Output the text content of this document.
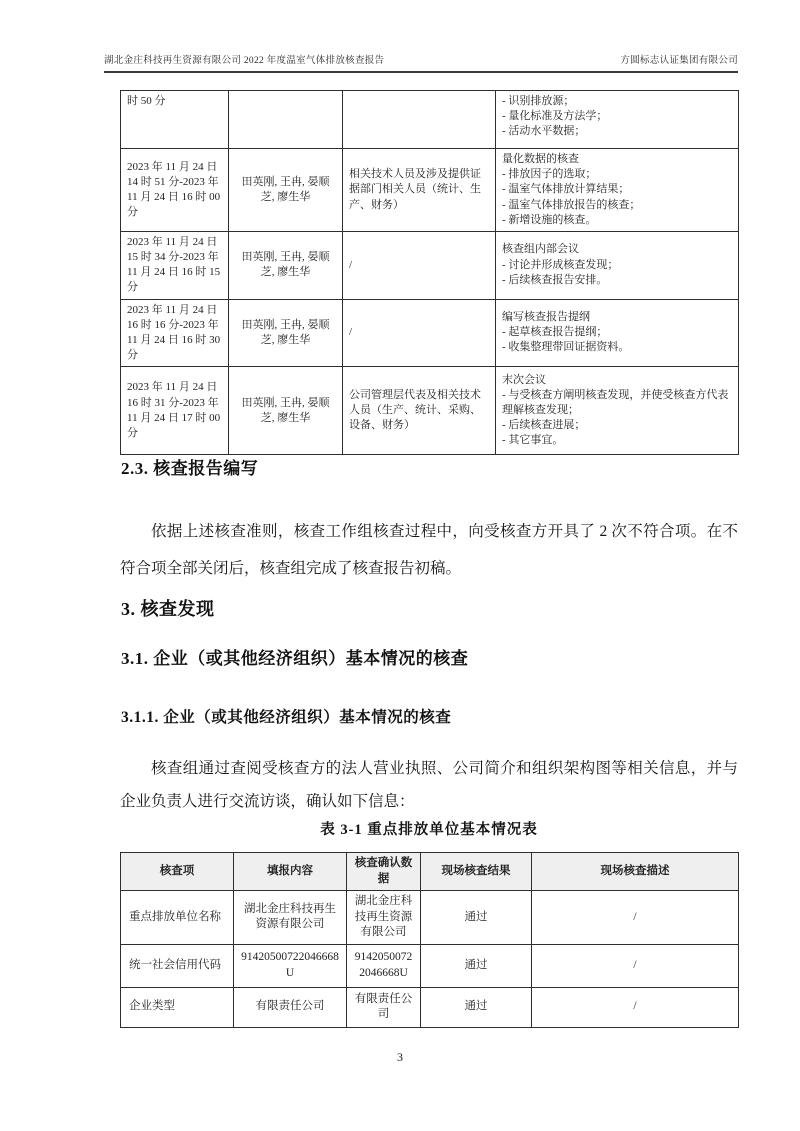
湖北金庄科技再生资源有限公司 2022 年度温室气体排放核查报告	方圆标志认证集团有限公司
时 50 分			- 识别排放源；
- 量化标准及方法学；
- 活动水平数据；

2023 年 11 月 24 日 14 时 51 分-2023 年 11 月 24 日 16 时 00 分	田英刚, 王冉, 晏顺芝, 廖生华	相关技术人员及涉及提供证据部门相关人员（统计、生产、财务）	量化数据的核查
- 排放因子的选取；
- 温室气体排放计算结果；
- 温室气体排放报告的核查；
- 新增设施的核查。

2023 年 11 月 24 日 15 时 34 分-2023 年 11 月 24 日 16 时 15 分	田英刚, 王冉, 晏顺芝, 廖生华	/	核查组内部会议
- 讨论并形成核查发现；
- 后续核查报告安排。

2023 年 11 月 24 日 16 时 16 分-2023 年 11 月 24 日 16 时 30 分	田英刚, 王冉, 晏顺芝, 廖生华	/	编写核查报告提纲
- 起草核查报告提纲；
- 收集整理带回证据资料。

2023 年 11 月 24 日 16 时 31 分-2023 年 11 月 24 日 17 时 00 分	田英刚, 王冉, 晏顺芝, 廖生华	公司管理层代表及相关技术人员（生产、统计、采购、设备、财务）	末次会议
- 与受核查方阐明核查发现，并使受核查方代表理解核查发现；
- 后续核查进展；
- 其它事宜。
2.3. 核查报告编写
依据上述核查准则，核查工作组核查过程中，向受核查方开具了 2 次不符合项。在不符合项全部关闭后，核查组完成了核查报告初稿。
3. 核查发现
3.1. 企业（或其他经济组织）基本情况的核查
3.1.1. 企业（或其他经济组织）基本情况的核查
核查组通过查阅受核查方的法人营业执照、公司简介和组织架构图等相关信息，并与企业负责人进行交流访谈，确认如下信息：
表 3-1 重点排放单位基本情况表
核查项	填报内容	核查确认数据	现场核查结果	现场核查描述
重点排放单位名称	湖北金庄科技再生资源有限公司	湖北金庄科技再生资源有限公司	通过	/
统一社会信用代码	91420500722046668U	91420500722046668U	通过	/
企业类型	有限责任公司	有限责任公司	通过	/
3
